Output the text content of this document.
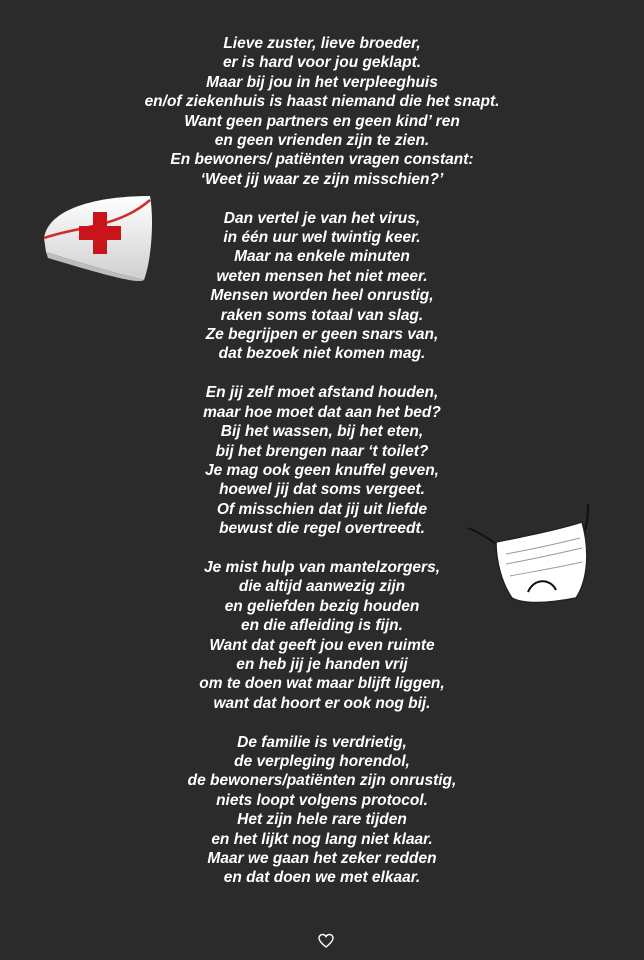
Lieve zuster, lieve broeder,
er is hard voor jou geklapt.
Maar bij jou in het verpleeghuis
en/of ziekenhuis is haast niemand die het snapt.
Want geen partners en geen kind’ ren
en geen vrienden zijn te zien.
En bewoners/ patiënten vragen constant:
‘Weet jij waar ze zijn misschien?’
Dan vertel je van het virus,
in één uur wel twintig keer.
Maar na enkele minuten
weten mensen het niet meer.
Mensen worden heel onrustig,
raken soms totaal van slag.
Ze begrijpen er geen snars van,
dat bezoek niet komen mag.
En jij zelf moet afstand houden,
maar hoe moet dat aan het bed?
Bij het wassen, bij het eten,
bij het brengen naar ‘t toilet?
Je mag ook geen knuffel geven,
hoewel jij dat soms vergeet.
Of misschien dat jij uit liefde
bewust die regel overtreedt.
Je mist hulp van mantelzorgers,
die altijd aanwezig zijn
en geliefden bezig houden
en die afleiding is fijn.
Want dat geeft jou even ruimte
en heb jij je handen vrij
om te doen wat maar blijft liggen,
want dat hoort er ook nog bij.
De familie is verdrietig,
de verpleging horendol,
de bewoners/patiënten zijn onrustig,
niets loopt volgens protocol.
Het zijn hele rare tijden
en het lijkt nog lang niet klaar.
Maar we gaan het zeker redden
en dat doen we met elkaar.
